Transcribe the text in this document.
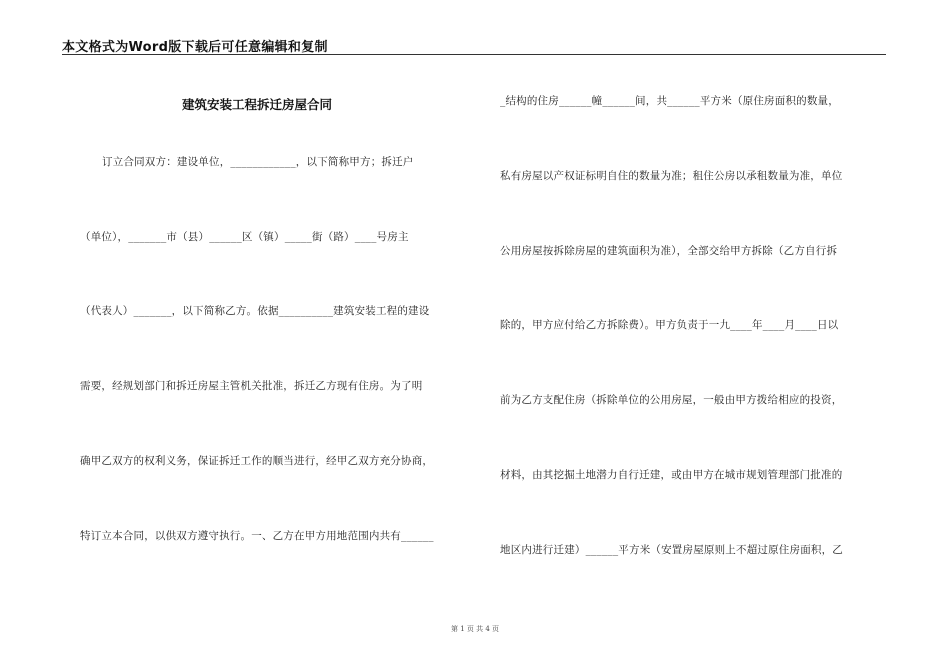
本文格式为Word版下载后可任意编辑和复制
建筑安装工程拆迁房屋合同
订立合同双方：建设单位，____________，以下简称甲方；拆迁户
（单位），_______市（县）______区（镇）_____街（路）____号房主
（代表人）_______，以下简称乙方。依据__________建筑安装工程的建设
需要，经规划部门和拆迁房屋主管机关批准，拆迁乙方现有住房。为了明
确甲乙双方的权利义务，保证拆迁工作的顺当进行，经甲乙双方充分协商，
特订立本合同，以供双方遵守执行。一、乙方在甲方用地范围内共有______
_结构的住房______幢______间，共______平方米（原住房面积的数量，
私有房屋以产权证标明自住的数量为准；租住公房以承租数量为准，单位
公用房屋按拆除房屋的建筑面积为准），全部交给甲方拆除（乙方自行拆
除的，甲方应付给乙方拆除费）。甲方负责于一九____年____月____日以
前为乙方支配住房（拆除单位的公用房屋，一般由甲方拨给相应的投资，
材料，由其挖掘土地潜力自行迁建，或由甲方在城市规划管理部门批准的
地区内进行迁建）______平方米（安置房屋原则上不超过原住房面积，乙
第 1 页 共 4 页
